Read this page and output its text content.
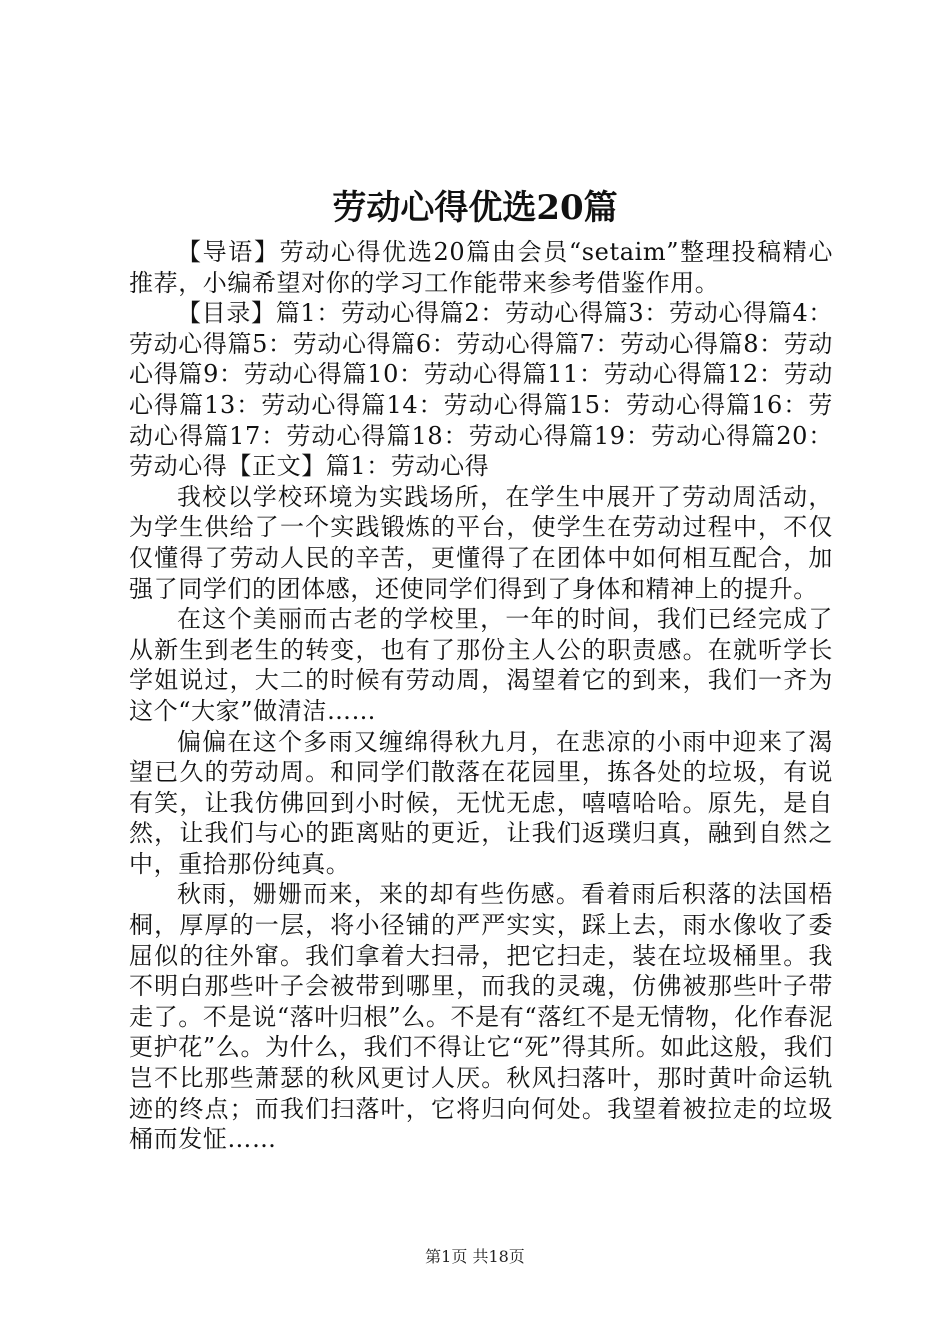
劳动心得优选20篇

【导语】劳动心得优选20篇由会员“setaim”整理投稿精心推荐，小编希望对你的学习工作能带来参考借鉴作用。

【目录】篇1：劳动心得篇2：劳动心得篇3：劳动心得篇4：劳动心得篇5：劳动心得篇6：劳动心得篇7：劳动心得篇8：劳动心得篇9：劳动心得篇10：劳动心得篇11：劳动心得篇12：劳动心得篇13：劳动心得篇14：劳动心得篇15：劳动心得篇16：劳动心得篇17：劳动心得篇18：劳动心得篇19：劳动心得篇20：劳动心得【正文】篇1：劳动心得

我校以学校环境为实践场所，在学生中展开了劳动周活动，为学生供给了一个实践锻炼的平台，使学生在劳动过程中，不仅仅懂得了劳动人民的辛苦，更懂得了在团体中如何相互配合，加强了同学们的团体感，还使同学们得到了身体和精神上的提升。

在这个美丽而古老的学校里，一年的时间，我们已经完成了从新生到老生的转变，也有了那份主人公的职责感。在就听学长学姐说过，大二的时候有劳动周，渴望着它的到来，我们一齐为这个“大家”做清洁……

偏偏在这个多雨又缠绵得秋九月，在悲凉的小雨中迎来了渴望已久的劳动周。和同学们散落在花园里，拣各处的垃圾，有说有笑，让我仿佛回到小时候，无忧无虑，嘻嘻哈哈。原先，是自然，让我们与心的距离贴的更近，让我们返璞归真，融到自然之中，重拾那份纯真。

秋雨，姗姗而来，来的却有些伤感。看着雨后积落的法国梧桐，厚厚的一层，将小径铺的严严实实，踩上去，雨水像收了委屈似的往外窜。我们拿着大扫帚，把它扫走，装在垃圾桶里。我不明白那些叶子会被带到哪里，而我的灵魂，仿佛被那些叶子带走了。不是说“落叶归根”么。不是有“落红不是无情物，化作春泥更护花”么。为什么，我们不得让它“死”得其所。如此这般，我们岂不比那些萧瑟的秋风更讨人厌。秋风扫落叶，那时黄叶命运轨迹的终点；而我们扫落叶，它将归向何处。我望着被拉走的垃圾桶而发怔……

第1页 共18页
